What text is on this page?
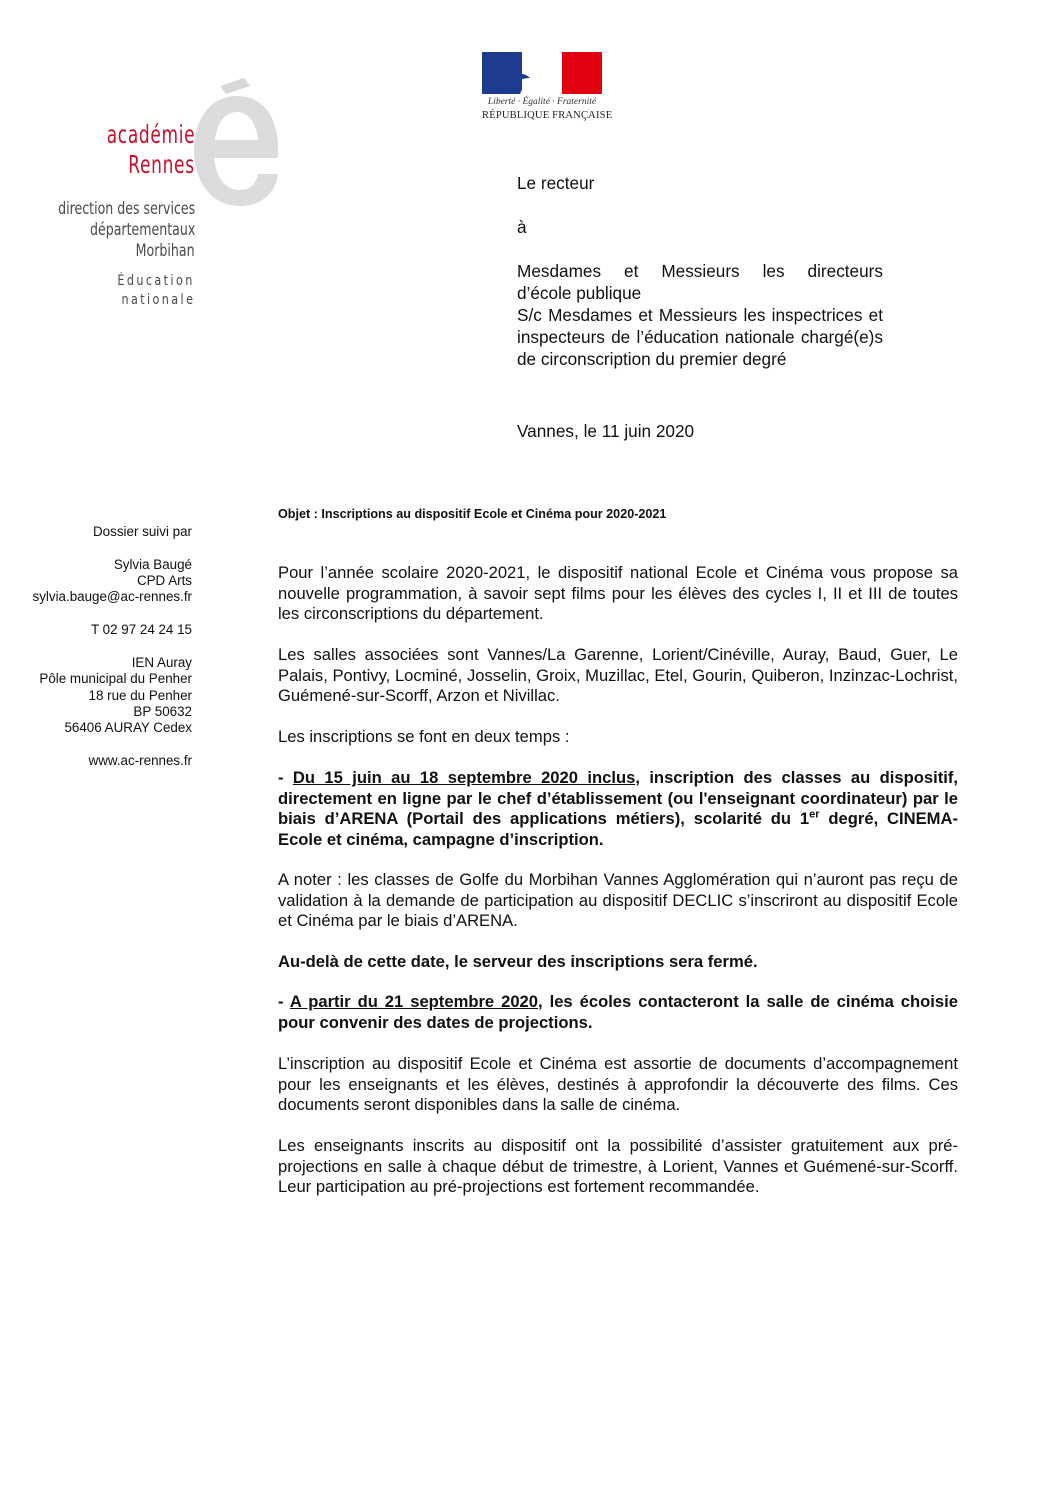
Liberté · Égalité · Fraternité
RÉPUBLIQUE FRANÇAISE
académie
Rennes
direction des services
départementaux
Morbihan
Éducation
nationale
Le recteur
à
Mesdames et Messieurs les directeurs
d’école publique
S/c Mesdames et Messieurs les inspectrices et inspecteurs de l’éducation nationale chargé(e)s de circonscription du premier degré
Vannes, le 11 juin 2020
Dossier suivi par
Sylvia Baugé
CPD Arts
sylvia.bauge@ac-rennes.fr
T 02 97 24 24 15
IEN Auray
Pôle municipal du Penher
18 rue du Penher
BP 50632
56406 AURAY Cedex
www.ac-rennes.fr
Objet : Inscriptions au dispositif Ecole et Cinéma pour 2020-2021
Pour l’année scolaire 2020-2021, le dispositif national Ecole et Cinéma vous propose sa nouvelle programmation, à savoir sept films pour les élèves des cycles I, II et III de toutes les circonscriptions du département.
Les salles associées sont Vannes/La Garenne, Lorient/Cinéville, Auray, Baud, Guer, Le Palais, Pontivy, Locminé, Josselin, Groix, Muzillac, Etel, Gourin, Quiberon, Inzinzac-Lochrist, Guémené-sur-Scorff, Arzon et Nivillac.
Les inscriptions se font en deux temps :
- Du 15 juin au 18 septembre 2020 inclus, inscription des classes au dispositif, directement en ligne par le chef d’établissement (ou l'enseignant coordinateur) par le biais d’ARENA (Portail des applications métiers), scolarité du 1er degré, CINEMA- Ecole et cinéma, campagne d’inscription.
A noter : les classes de Golfe du Morbihan Vannes Agglomération qui n’auront pas reçu de validation à la demande de participation au dispositif DECLIC s’inscriront au dispositif Ecole et Cinéma par le biais d’ARENA.
Au-delà de cette date, le serveur des inscriptions sera fermé.
- A partir du 21 septembre 2020, les écoles contacteront la salle de cinéma choisie pour convenir des dates de projections.
L’inscription au dispositif Ecole et Cinéma est assortie de documents d’accompagnement pour les enseignants et les élèves, destinés à approfondir la découverte des films. Ces documents seront disponibles dans la salle de cinéma.
Les enseignants inscrits au dispositif ont la possibilité d’assister gratuitement aux pré-projections en salle à chaque début de trimestre, à Lorient, Vannes et Guémené-sur-Scorff. Leur participation au pré-projections est fortement recommandée.
